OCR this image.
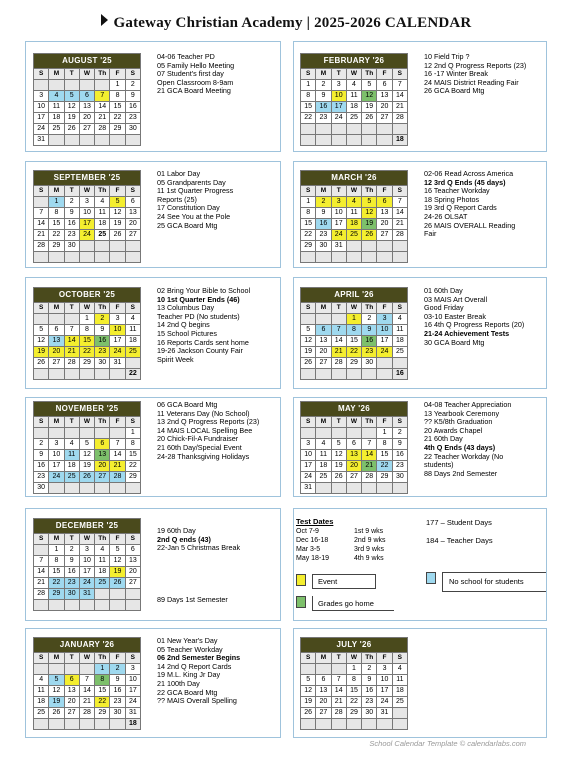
Gateway Christian Academy | 2025-2026 CALENDAR
AUGUST '25						
S	M	T	W	Th	F	S
					1	2
3	4	5	6	7	8	9
10	11	12	13	14	15	16
17	18	19	20	21	22	23
24	25	26	27	28	29	30
31						
04-06 Teacher PD
05 Family Hello Meeting
07 Student's first day
Open Classroom 8-9am
21 GCA Board Meeting
FEBRUARY '26						
S	M	T	W	Th	F	S
1	2	3	4	5	6	7
8	9	10	11	12	13	14
15	16	17	18	19	20	21
22	23	24	25	26	27	28

						18
10 Field Trip ?
12 2nd Q Progress Reports (23)
16 -17 Winter Break
24 MAIS District Reading Fair
26 GCA Board Mtg
SEPTEMBER '25						
S	M	T	W	Th	F	S
	1	2	3	4	5	6
7	8	9	10	11	12	13
14	15	16	17	18	19	20
21	22	23	24	25	26	27
28	29	30				

01 Labor Day
05 Grandparents Day
11 1st Quarter Progress
Reports (25)
17 Constitution Day
24 See You at the Pole
25 GCA Board Mtg
MARCH '26						
S	M	T	W	Th	F	S
1	2	3	4	5	6	7
8	9	10	11	12	13	14
15	16	17	18	19	20	21
22	23	24	25	26	27	28
29	30	31				

02-06 Read Across America
12 3rd Q Ends (45 days)
16 Teacher Workday
18 Spring Photos
19 3rd Q Report Cards
24-26 OLSAT
26 MAIS OVERALL Reading
Fair
OCTOBER '25						
S	M	T	W	Th	F	S
			1	2	3	4
5	6	7	8	9	10	11
12	13	14	15	16	17	18
19	20	21	22	23	24	25
26	27	28	29	30	31	
						22
02 Bring Your Bible to School
10 1st Quarter Ends (46)
13 Columbus Day
Teacher PD (No students)
14 2nd Q begins
15 School Pictures
16 Reports Cards sent home
19-26 Jackson County Fair
Spirit Week
APRIL '26						
S	M	T	W	Th	F	S
			1	2	3	4
5	6	7	8	9	10	11
12	13	14	15	16	17	18
19	20	21	22	23	24	25
26	27	28	29	30		
						16
01 60th Day
03 MAIS Art Overall
Good Friday
03-10 Easter Break
16 4th Q Progress Reports (20)
21-24 Achievement Tests
30 GCA Board Mtg
NOVEMBER '25						
S	M	T	W	Th	F	S
						1
2	3	4	5	6	7	8
9	10	11	12	13	14	15
16	17	18	19	20	21	22
23	24	25	26	27	28	29
30						
06 GCA Board Mtg
11 Veterans Day (No School)
13 2nd Q Progress Reports (23)
14 MAIS LOCAL Spelling Bee
20 Chick-Fil-A Fundraiser
21 60th Day/Special Event
24-28 Thanksgiving Holidays
MAY '26						
S	M	T	W	Th	F	S
					1	2
3	4	5	6	7	8	9
10	11	12	13	14	15	16
17	18	19	20	21	22	23
24	25	26	27	28	29	30
31						
04-08 Teacher Appreciation
13 Yearbook Ceremony
?? K5/8th Graduation
20 Awards Chapel
21 60th Day
4th Q Ends (43 days)
22 Teacher Workday (No
students)
88 Days 2nd Semester
DECEMBER '25						
S	M	T	W	Th	F	S
	1	2	3	4	5	6
7	8	9	10	11	12	13
14	15	16	17	18	19	20
21	22	23	24	25	26	27
28	29	30	31			

19 60th Day
2nd Q ends (43)
22-Jan 5 Christmas Break

89 Days 1st Semester
JANUARY '26						
S	M	T	W	Th	F	S
				1	2	3
4	5	6	7	8	9	10
11	12	13	14	15	16	17
18	19	20	21	22	23	24
25	26	27	28	29	30	31
						18
01 New Year's Day
05 Teacher Workday
06 2nd Semester Begins
14 2nd Q Report Cards
19 M.L. King Jr Day
21 100th Day
22 GCA Board Mtg
?? MAIS Overall Spelling
JULY '26						
S	M	T	W	Th	F	S
			1	2	3	4
5	6	7	8	9	10	11
12	13	14	15	16	17	18
19	20	21	22	23	24	25
26	27	28	29	30	31	

Test Dates
Oct 7-9	1st 9 wks
Dec 16-18	2nd 9 wks
Mar 3-5	3rd 9 wks
May 18-19	4th 9 wks
177 – Student Days
184 – Teacher Days
Event
Grades go home
No school for students
School Calendar Template © calendarlabs.com
